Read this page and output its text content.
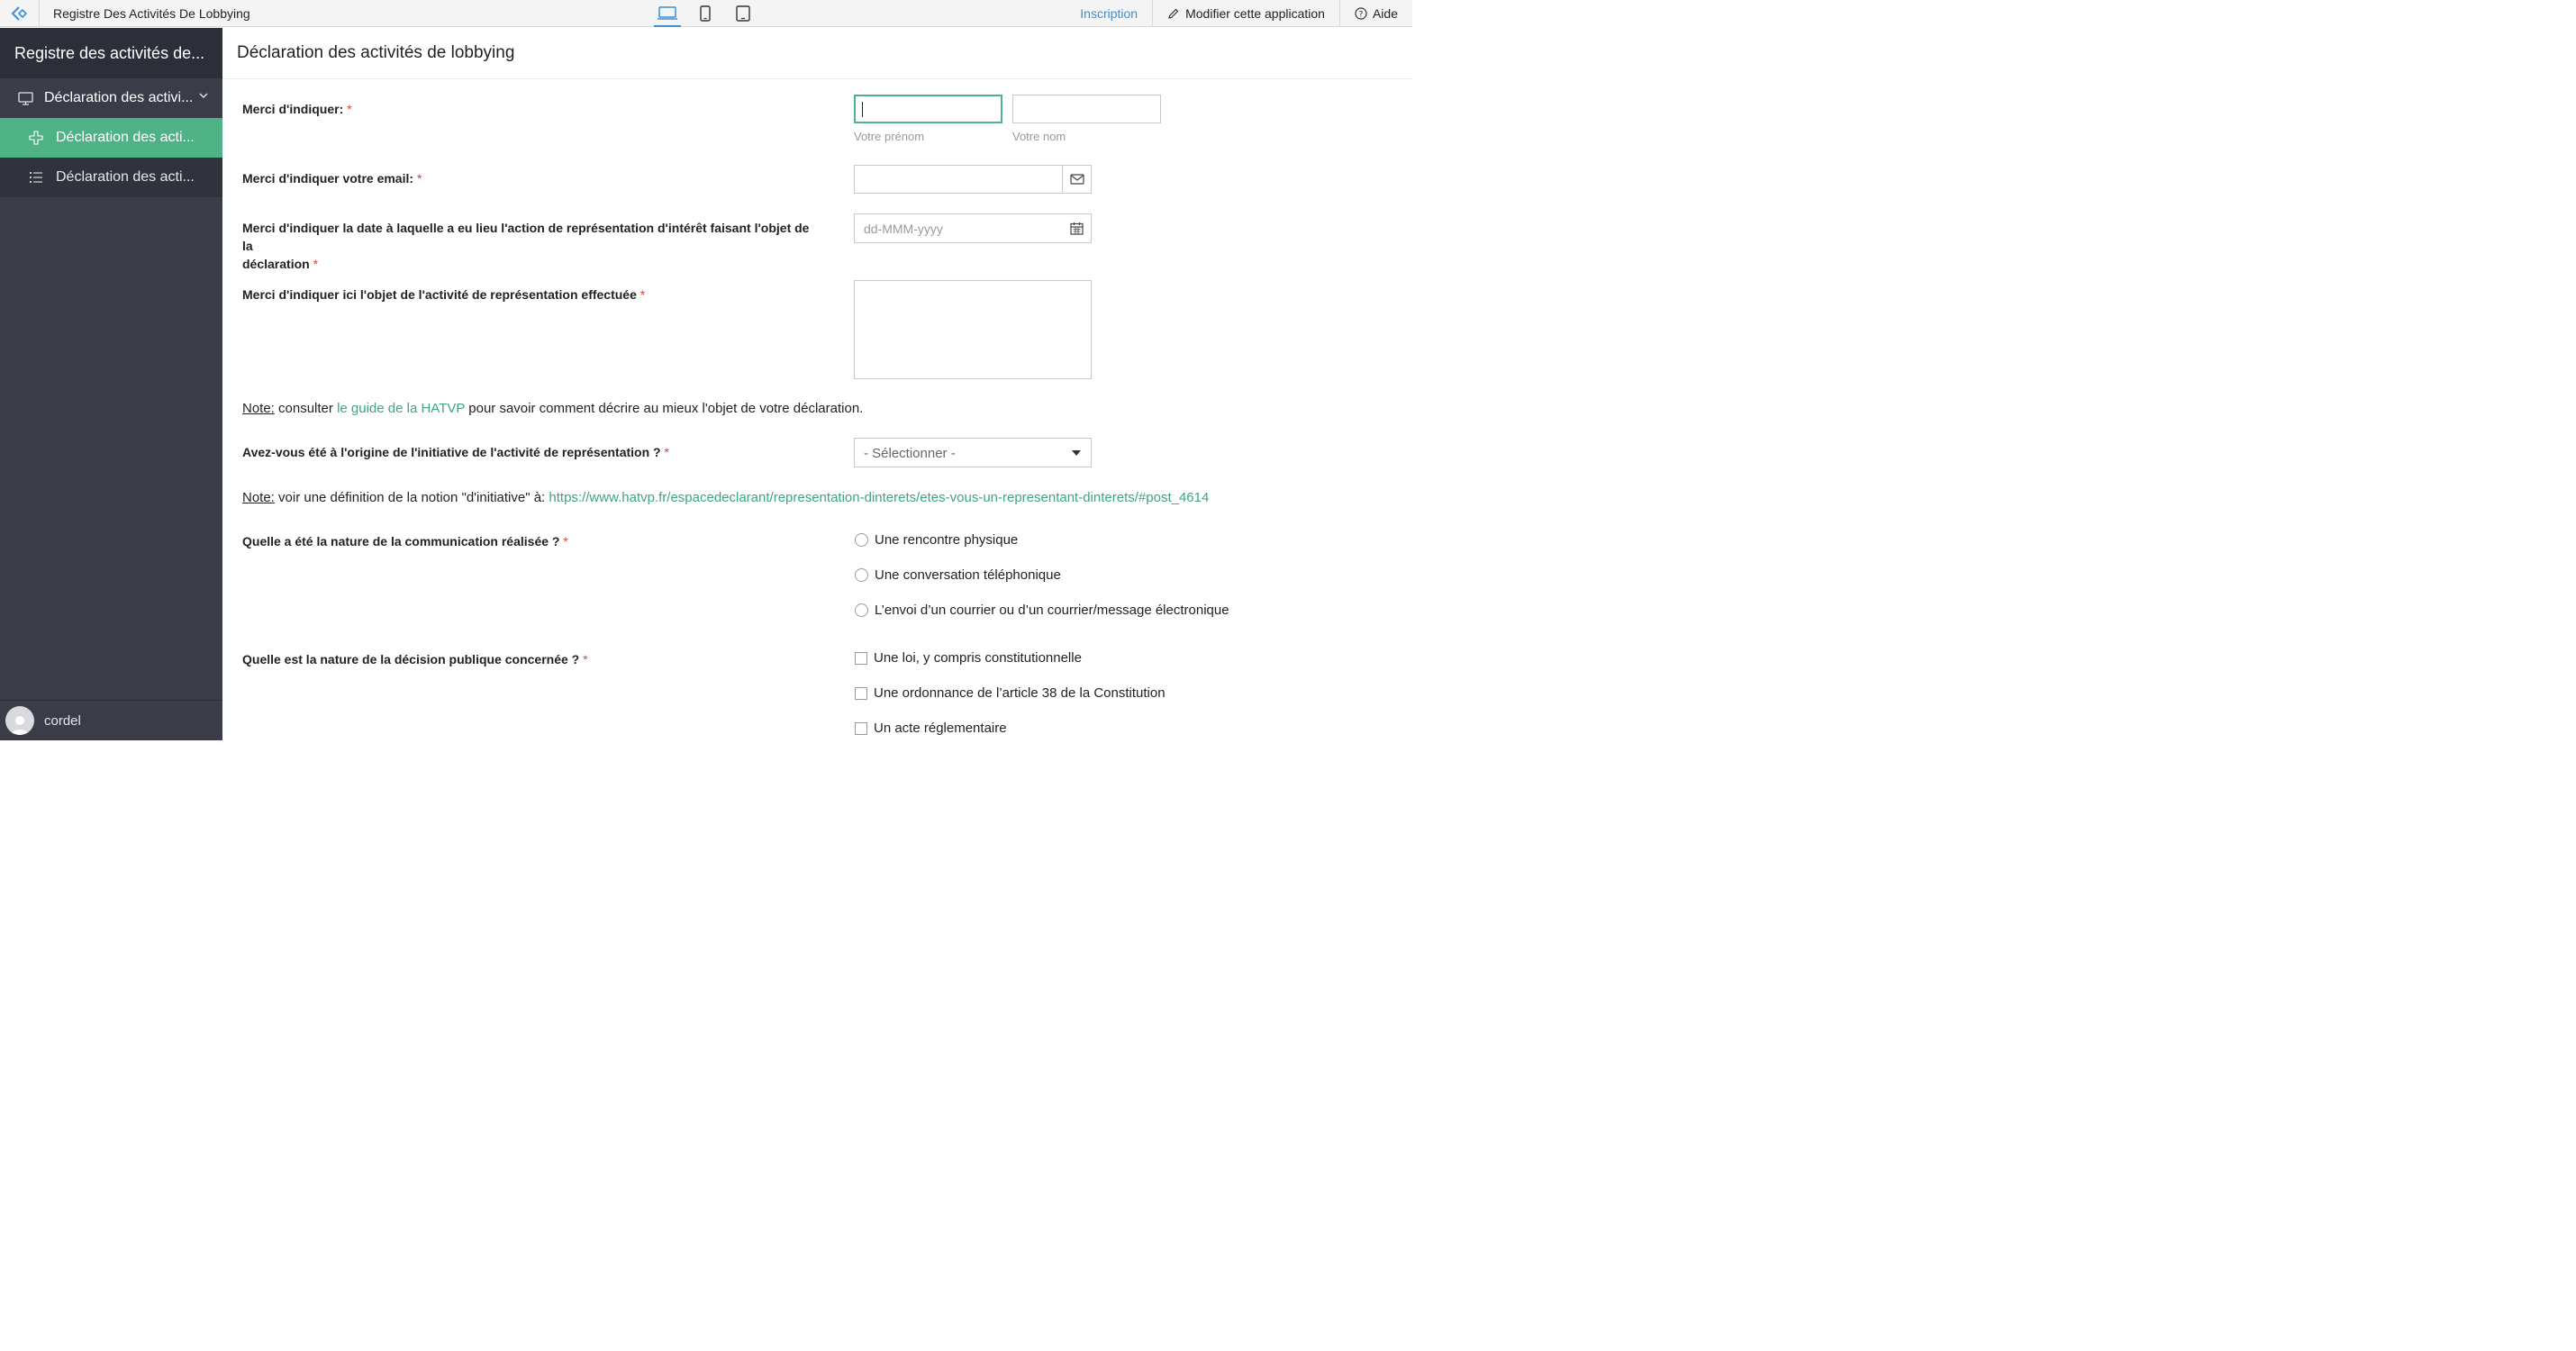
Registre Des Activités De Lobbying	Inscription	Modifier cette application	? Aide
Registre des activités de...
Déclaration des activi...
Déclaration des acti...
Déclaration des acti...
cordel
Déclaration des activités de lobbying
Merci d'indiquer: *
Votre prénom	Votre nom
Merci d'indiquer votre email: *
Merci d'indiquer la date à laquelle a eu lieu l'action de représentation d'intérêt faisant l'objet de la
déclaration *
dd-MMM-yyyy
Merci d'indiquer ici l'objet de l'activité de représentation effectuée *
Note: consulter le guide de la HATVP pour savoir comment décrire au mieux l'objet de votre déclaration.
Avez-vous été à l'origine de l'initiative de l'activité de représentation ? *	- Sélectionner -
Note: voir une définition de la notion "d'initiative" à: https://www.hatvp.fr/espacedeclarant/representation-dinterets/etes-vous-un-representant-dinterets/#post_4614
Quelle a été la nature de la communication réalisée ? *	Une rencontre physique
Une conversation téléphonique
L’envoi d’un courrier ou d’un courrier/message électronique
Quelle est la nature de la décision publique concernée ? *	Une loi, y compris constitutionnelle
Une ordonnance de l’article 38 de la Constitution
Un acte réglementaire
